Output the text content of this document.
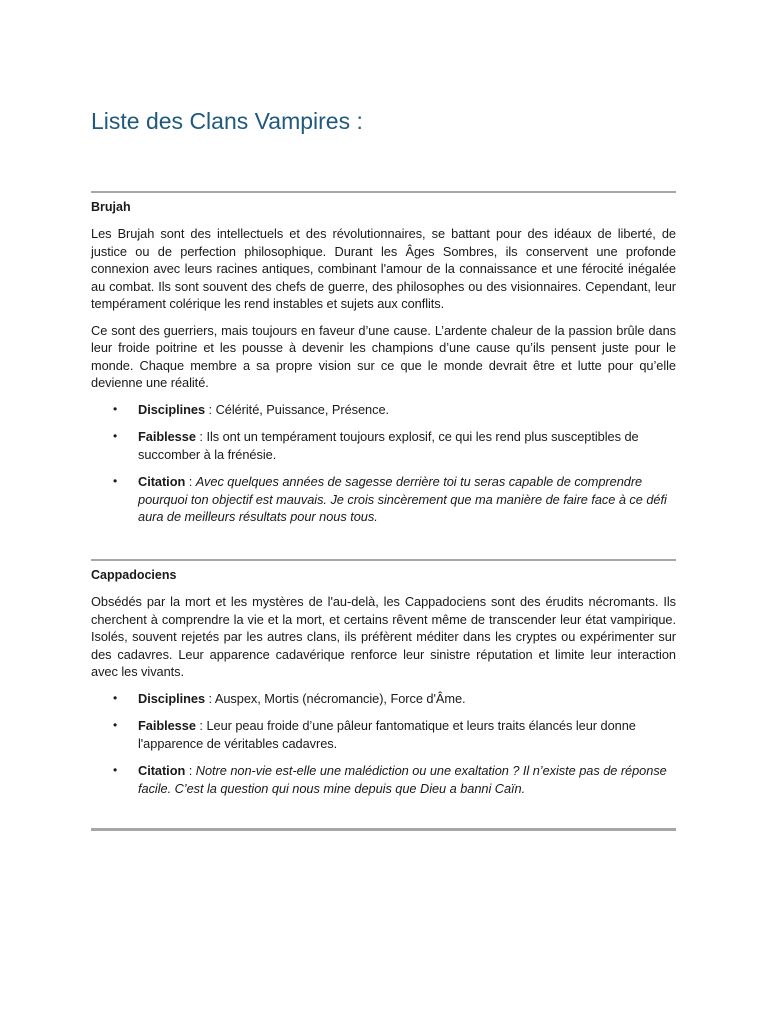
Liste des Clans Vampires :

Brujah

Les Brujah sont des intellectuels et des révolutionnaires, se battant pour des idéaux de liberté, de justice ou de perfection philosophique. Durant les Âges Sombres, ils conservent une profonde connexion avec leurs racines antiques, combinant l'amour de la connaissance et une férocité inégalée au combat. Ils sont souvent des chefs de guerre, des philosophes ou des visionnaires. Cependant, leur tempérament colérique les rend instables et sujets aux conflits.

Ce sont des guerriers, mais toujours en faveur d’une cause. L’ardente chaleur de la passion brûle dans leur froide poitrine et les pousse à devenir les champions d’une cause qu’ils pensent juste pour le monde. Chaque membre a sa propre vision sur ce que le monde devrait être et lutte pour qu’elle devienne une réalité.

• Disciplines : Célérité, Puissance, Présence.
• Faiblesse : Ils ont un tempérament toujours explosif, ce qui les rend plus susceptibles de succomber à la frénésie.
• Citation : Avec quelques années de sagesse derrière toi tu seras capable de comprendre pourquoi ton objectif est mauvais. Je crois sincèrement que ma manière de faire face à ce défi aura de meilleurs résultats pour nous tous.

Cappadociens

Obsédés par la mort et les mystères de l'au-delà, les Cappadociens sont des érudits nécromants. Ils cherchent à comprendre la vie et la mort, et certains rêvent même de transcender leur état vampirique. Isolés, souvent rejetés par les autres clans, ils préfèrent méditer dans les cryptes ou expérimenter sur des cadavres. Leur apparence cadavérique renforce leur sinistre réputation et limite leur interaction avec les vivants.

• Disciplines : Auspex, Mortis (nécromancie), Force d'Âme.
• Faiblesse : Leur peau froide d’une pâleur fantomatique et leurs traits élancés leur donne l'apparence de véritables cadavres.
• Citation : Notre non-vie est-elle une malédiction ou une exaltation ? Il n’existe pas de réponse facile. C’est la question qui nous mine depuis que Dieu a banni Caïn.
